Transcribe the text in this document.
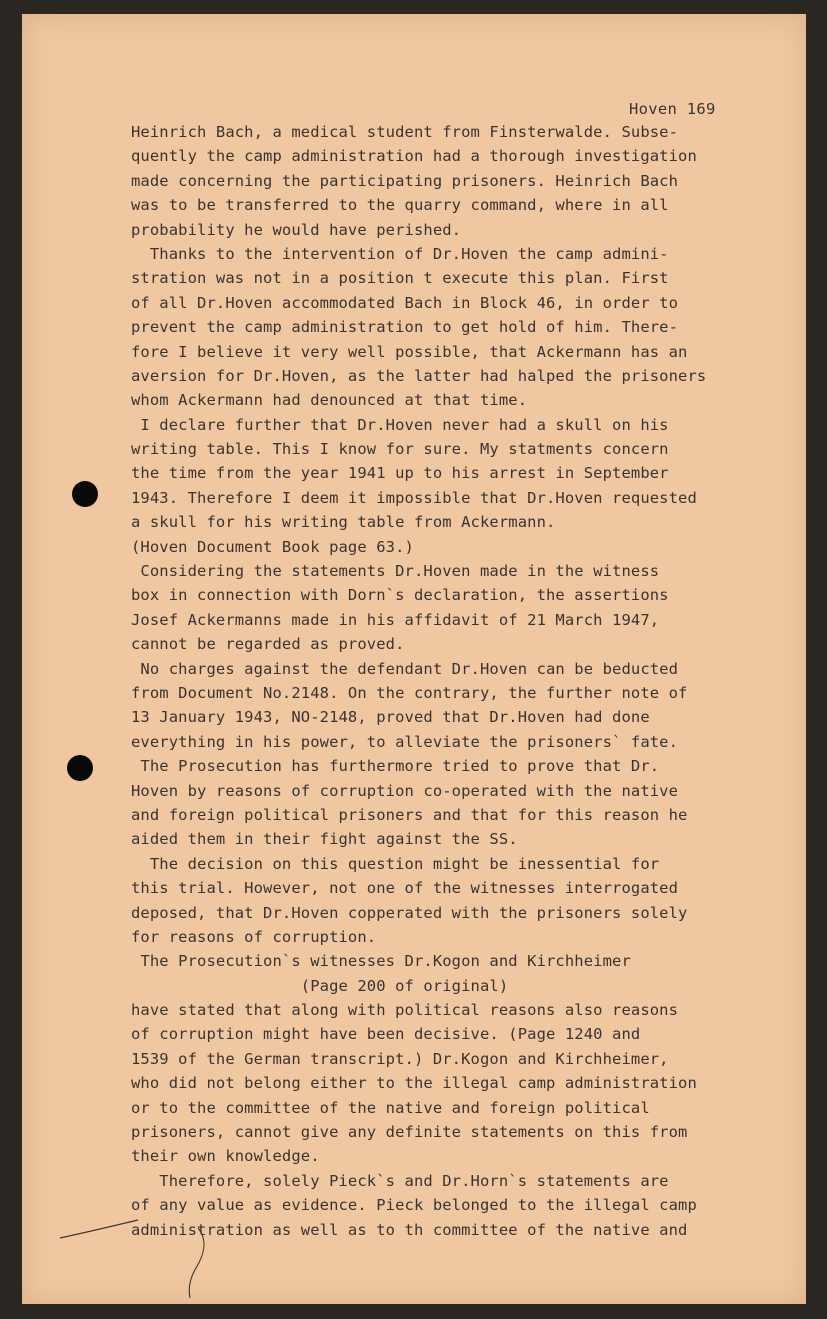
Hoven 169
Heinrich Bach, a medical student from Finsterwalde. Subse-
quently the camp administration had a thorough investigation
made concerning the participating prisoners. Heinrich Bach
was to be transferred to the quarry command, where in all
probability he would have perished.
Thanks to the intervention of Dr.Hoven the camp admini-
stration was not in a position t execute this plan. First
of all Dr.Hoven accommodated Bach in Block 46, in order to
prevent the camp administration to get hold of him. There-
fore I believe it very well possible, that Ackermann has an
aversion for Dr.Hoven, as the latter had halped the prisoners
whom Ackermann had denounced at that time.
I declare further that Dr.Hoven never had a skull on his
writing table. This I know for sure. My statments concern
the time from the year 1941 up to his arrest in September
1943. Therefore I deem it impossible that Dr.Hoven requested
a skull for his writing table from Ackermann.
(Hoven Document Book page 63.)
Considering the statements Dr.Hoven made in the witness
box in connection with Dorn`s declaration, the assertions
Josef Ackermanns made in his affidavit of 21 March 1947,
cannot be regarded as proved.
No charges against the defendant Dr.Hoven can be beducted
from Document No.2148. On the contrary, the further note of
13 January 1943, NO-2148, proved that Dr.Hoven had done
everything in his power, to alleviate the prisoners` fate.
The Prosecution has furthermore tried to prove that Dr.
Hoven by reasons of corruption co-operated with the native
and foreign political prisoners and that for this reason he
aided them in their fight against the SS.
The decision on this question might be inessential for
this trial. However, not one of the witnesses interrogated
deposed, that Dr.Hoven copperated with the prisoners solely
for reasons of corruption.
The Prosecution`s witnesses Dr.Kogon and Kirchheimer
(Page 200 of original)
have stated that along with political reasons also reasons
of corruption might have been decisive. (Page 1240 and
1539 of the German transcript.) Dr.Kogon and Kirchheimer,
who did not belong either to the illegal camp administration
or to the committee of the native and foreign political
prisoners, cannot give any definite statements on this from
their own knowledge.
Therefore, solely Pieck`s and Dr.Horn`s statements are
of any value as evidence. Pieck belonged to the illegal camp
administration as well as to th committee of the native and
